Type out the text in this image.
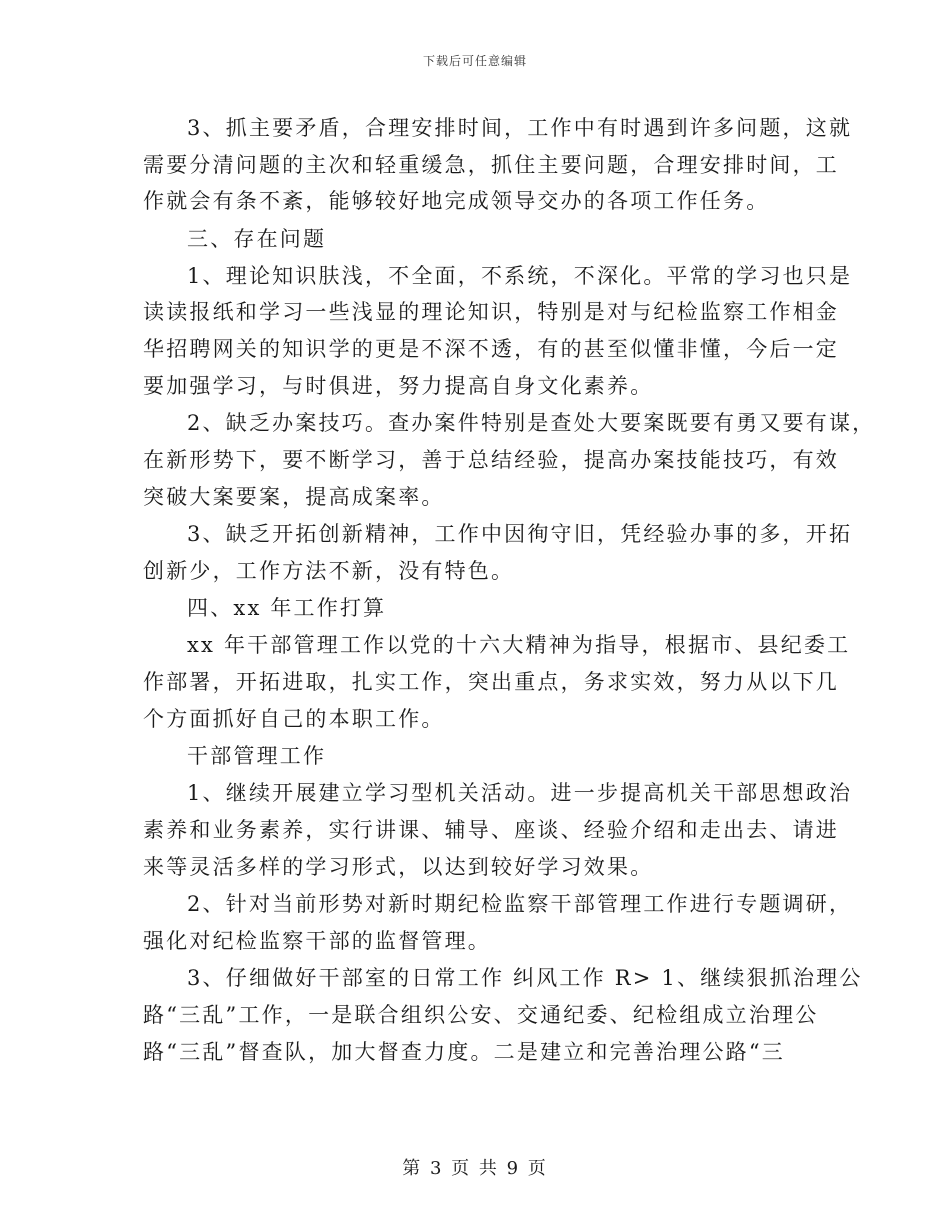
下载后可任意编辑
3、抓主要矛盾，合理安排时间，工作中有时遇到许多问题，这就
需要分清问题的主次和轻重缓急，抓住主要问题，合理安排时间，工
作就会有条不紊，能够较好地完成领导交办的各项工作任务。
三、存在问题
1、理论知识肤浅，不全面，不系统，不深化。平常的学习也只是
读读报纸和学习一些浅显的理论知识，特别是对与纪检监察工作相金
华招聘网关的知识学的更是不深不透，有的甚至似懂非懂，今后一定
要加强学习，与时俱进，努力提高自身文化素养。
2、缺乏办案技巧。查办案件特别是查处大要案既要有勇又要有谋，
在新形势下，要不断学习，善于总结经验，提高办案技能技巧，有效
突破大案要案，提高成案率。
3、缺乏开拓创新精神，工作中因徇守旧，凭经验办事的多，开拓
创新少，工作方法不新，没有特色。
四、xx 年工作打算
xx 年干部管理工作以党的十六大精神为指导，根据市、县纪委工
作部署，开拓进取，扎实工作，突出重点，务求实效，努力从以下几
个方面抓好自己的本职工作。
干部管理工作
1、继续开展建立学习型机关活动。进一步提高机关干部思想政治
素养和业务素养，实行讲课、辅导、座谈、经验介绍和走出去、请进
来等灵活多样的学习形式，以达到较好学习效果。
2、针对当前形势对新时期纪检监察干部管理工作进行专题调研，
强化对纪检监察干部的监督管理。
3、仔细做好干部室的日常工作 纠风工作 R> 1、继续狠抓治理公
路“三乱”工作，一是联合组织公安、交通纪委、纪检组成立治理公
路“三乱”督查队，加大督查力度。二是建立和完善治理公路“三
第 3 页 共 9 页
